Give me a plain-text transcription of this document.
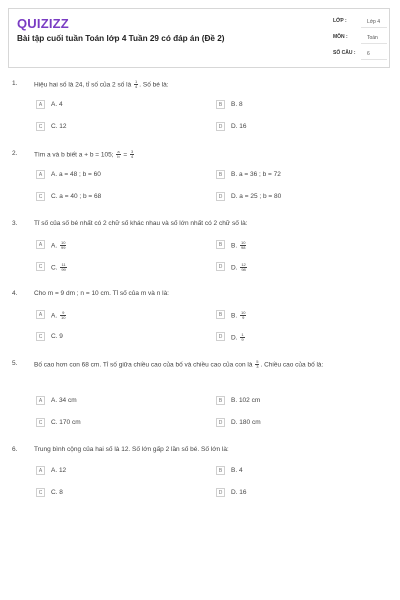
QUIZIZZ
Bài tập cuối tuần Toán lớp 4 Tuần 29 có đáp án (Đề 2)
LỚP :	Lớp 4
MÔN :	Toán
SỐ CÂU :	6
1.	Hiệu hai số là 24, tỉ số của 2 số là $\frac{1}{4}$ . Số bé là:
A	A. 4	B	B. 8
C	C. 12	D	D. 16
2.	Tìm a và b biết a + b = 105; $\frac{a}{b} = \frac{3}{4}$
A	A. a = 48 ; b = 60	B	B. a = 36 ; b = 72
C	C. a = 40 ; b = 68	D	D. a = 25 ; b = 80
3.	Tỉ số của số bé nhất có 2 chữ số khác nhau và số lớn nhất có 2 chữ số là:
A	A. $\frac{10}{99}$	B	B. $\frac{10}{98}$
C	C. $\frac{11}{99}$	D	D. $\frac{12}{98}$
4.	Cho m = 9 dm ; n = 10 cm. Tỉ số của m và n là:
A	A. $\frac{9}{10}$	B	B. $\frac{10}{9}$
C	C. 9	D	D. $\frac{1}{9}$
5.	Bố cao hơn con 68 cm. Tỉ số giữa chiều cao của bố và chiều cao của con là $\frac{5}{3}$ . Chiều cao của bố là:
A	A. 34 cm	B	B. 102 cm
C	C. 170 cm	D	D. 180 cm
6.	Trung bình cộng của hai số là 12. Số lớn gấp 2 lần số bé. Số lớn là:
A	A. 12	B	B. 4
C	C. 8	D	D. 16
